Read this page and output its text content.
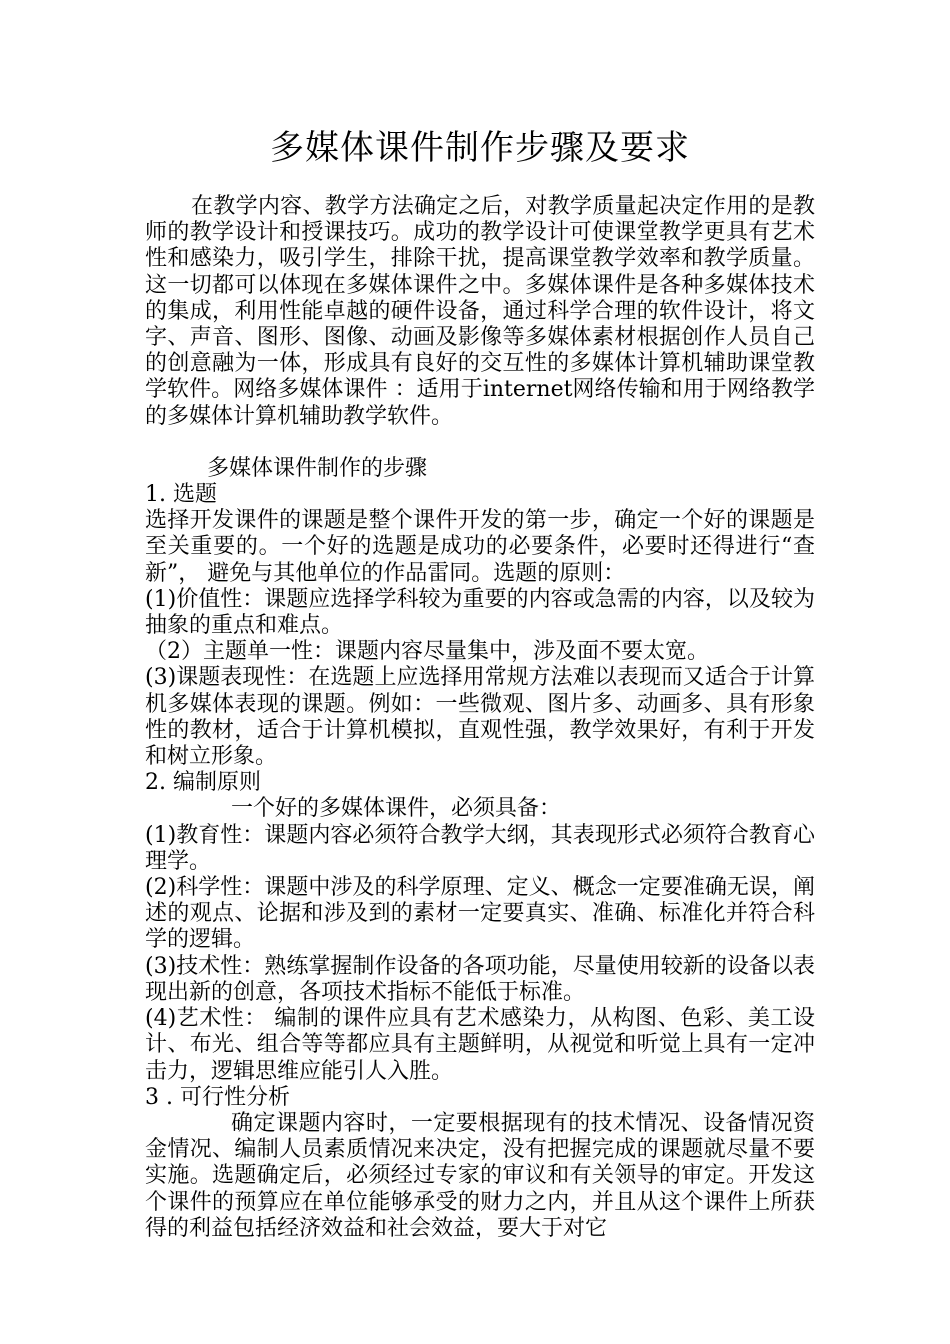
多媒体课件制作步骤及要求

在教学内容、教学方法确定之后，对教学质量起决定作用的是教师的教学设计和授课技巧。成功的教学设计可使课堂教学更具有艺术性和感染力，吸引学生，排除干扰，提高课堂教学效率和教学质量。这一切都可以体现在多媒体课件之中。多媒体课件是各种多媒体技术的集成，利用性能卓越的硬件设备，通过科学合理的软件设计，将文字、声音、图形、图像、动画及影像等多媒体素材根据创作人员自己的创意融为一体，形成具有良好的交互性的多媒体计算机辅助课堂教学软件。网络多媒体课件 ：适用于internet网络传输和用于网络教学的多媒体计算机辅助教学软件。

多媒体课件制作的步骤

1. 选题

选择开发课件的课题是整个课件开发的第一步，确定一个好的课题是至关重要的。一个好的选题是成功的必要条件，必要时还得进行“查新”， 避免与其他单位的作品雷同。选题的原则：

(1)价值性：课题应选择学科较为重要的内容或急需的内容，以及较为抽象的重点和难点。

（2）主题单一性：课题内容尽量集中，涉及面不要太宽。

(3)课题表现性：在选题上应选择用常规方法难以表现而又适合于计算机多媒体表现的课题。例如：一些微观、图片多、动画多、具有形象性的教材，适合于计算机模拟，直观性强，教学效果好，有利于开发和树立形象。

2. 编制原则

一个好的多媒体课件，必须具备：

(1)教育性：课题内容必须符合教学大纲，其表现形式必须符合教育心理学。

(2)科学性：课题中涉及的科学原理、定义、概念一定要准确无误，阐述的观点、论据和涉及到的素材一定要真实、准确、标准化并符合科学的逻辑。

(3)技术性：熟练掌握制作设备的各项功能，尽量使用较新的设备以表现出新的创意，各项技术指标不能低于标准。

(4)艺术性： 编制的课件应具有艺术感染力，从构图、色彩、美工设计、布光、组合等等都应具有主题鲜明，从视觉和听觉上具有一定冲击力，逻辑思维应能引人入胜。

3 . 可行性分析

确定课题内容时，一定要根据现有的技术情况、设备情况资金情况、编制人员素质情况来决定，没有把握完成的课题就尽量不要实施。选题确定后，必须经过专家的审议和有关领导的审定。开发这个课件的预算应在单位能够承受的财力之内，并且从这个课件上所获得的利益包括经济效益和社会效益，要大于对它
